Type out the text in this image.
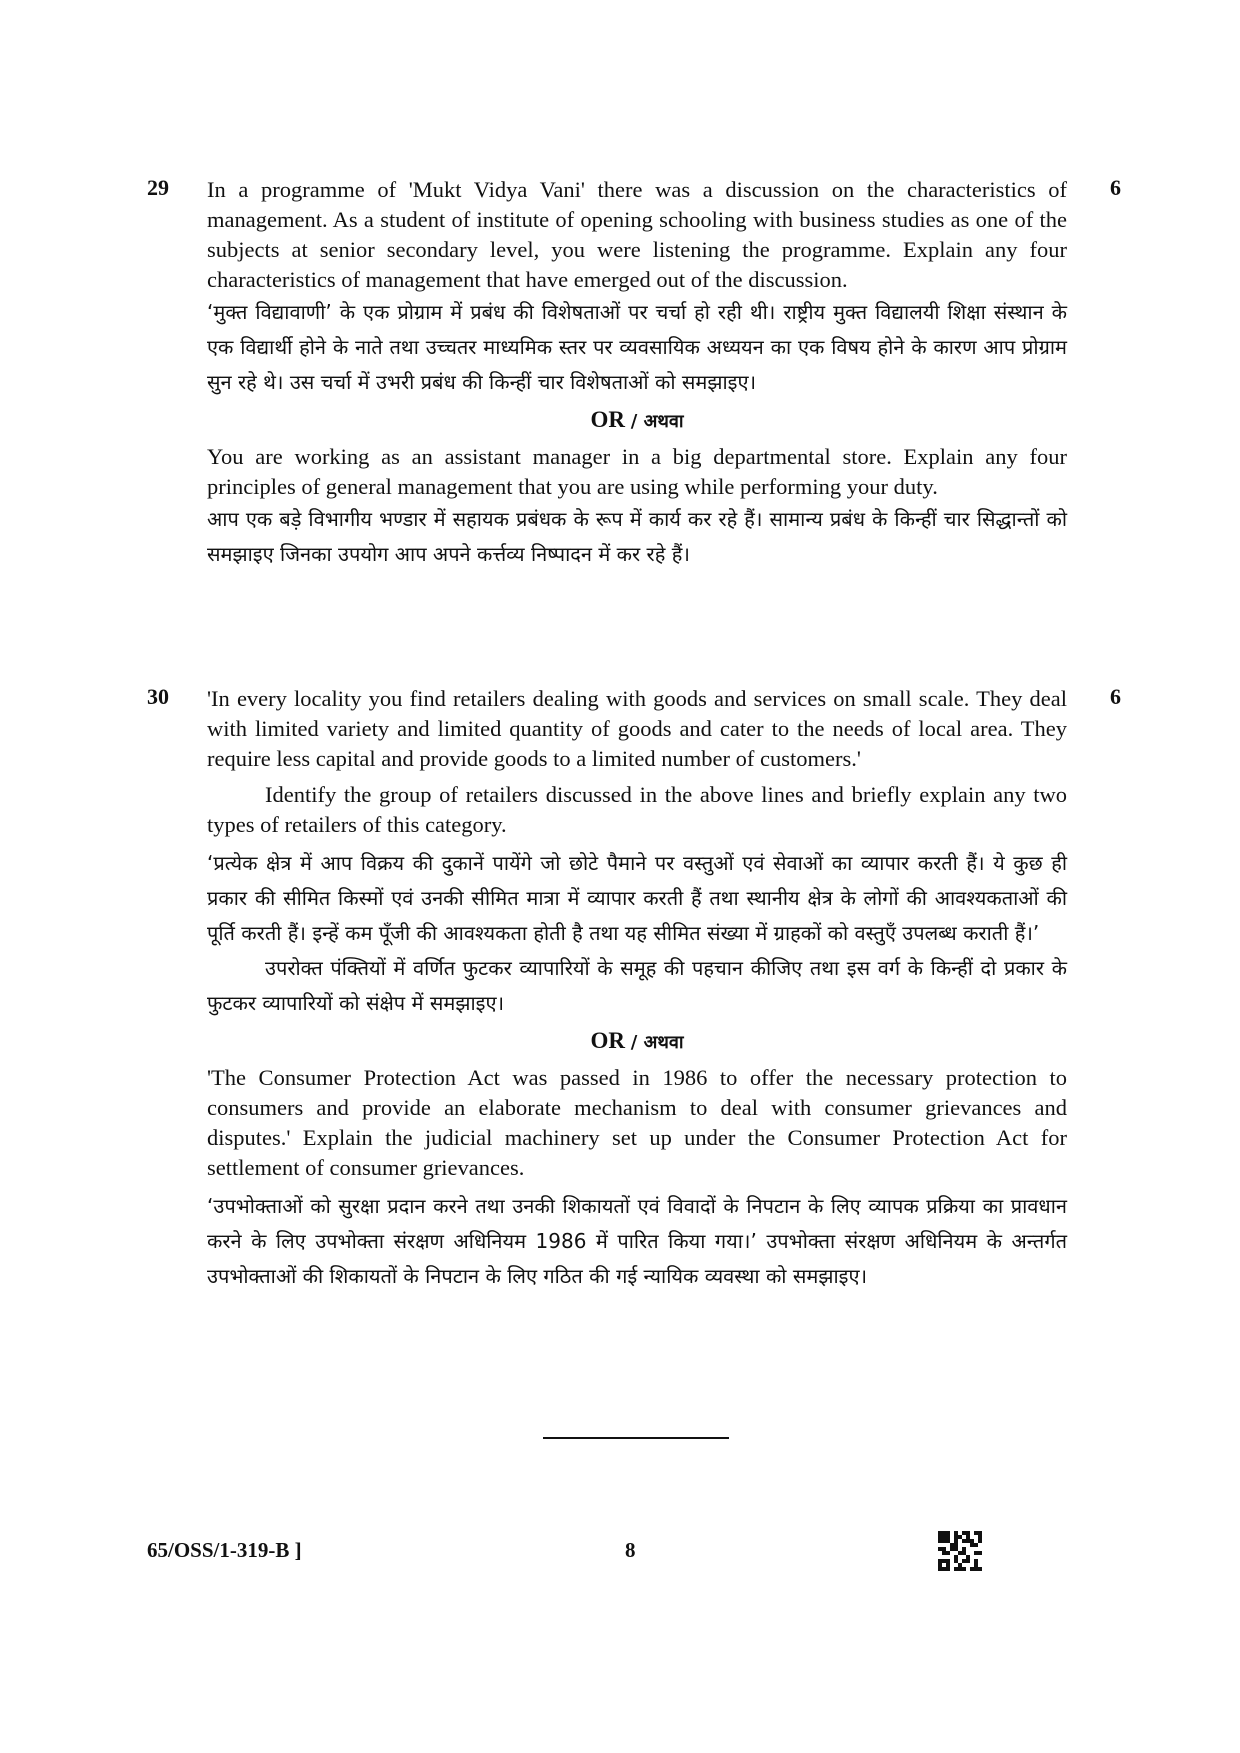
29	6

In a programme of 'Mukt Vidya Vani' there was a discussion on the characteristics of management. As a student of institute of opening schooling with business studies as one of the subjects at senior secondary level, you were listening the programme. Explain any four characteristics of management that have emerged out of the discussion.

‘मुक्त विद्यावाणी’ के एक प्रोग्राम में प्रबंध की विशेषताओं पर चर्चा हो रही थी। राष्ट्रीय मुक्त विद्यालयी शिक्षा संस्थान के एक विद्यार्थी होने के नाते तथा उच्चतर माध्यमिक स्तर पर व्यवसायिक अध्ययन का एक विषय होने के कारण आप प्रोग्राम सुन रहे थे। उस चर्चा में उभरी प्रबंध की किन्हीं चार विशेषताओं को समझाइए।

OR / अथवा

You are working as an assistant manager in a big departmental store. Explain any four principles of general management that you are using while performing your duty.

आप एक बड़े विभागीय भण्डार में सहायक प्रबंधक के रूप में कार्य कर रहे हैं। सामान्य प्रबंध के किन्हीं चार सिद्धान्तों को समझाइए जिनका उपयोग आप अपने कर्त्तव्य निष्पादन में कर रहे हैं।

30	6

'In every locality you find retailers dealing with goods and services on small scale. They deal with limited variety and limited quantity of goods and cater to the needs of local area. They require less capital and provide goods to a limited number of customers.'

Identify the group of retailers discussed in the above lines and briefly explain any two types of retailers of this category.

‘प्रत्येक क्षेत्र में आप विक्रय की दुकानें पायेंगे जो छोटे पैमाने पर वस्तुओं एवं सेवाओं का व्यापार करती हैं। ये कुछ ही प्रकार की सीमित किस्मों एवं उनकी सीमित मात्रा में व्यापार करती हैं तथा स्थानीय क्षेत्र के लोगों की आवश्यकताओं की पूर्ति करती हैं। इन्हें कम पूँजी की आवश्यकता होती है तथा यह सीमित संख्या में ग्राहकों को वस्तुएँ उपलब्ध कराती हैं।’

उपरोक्त पंक्तियों में वर्णित फुटकर व्यापारियों के समूह की पहचान कीजिए तथा इस वर्ग के किन्हीं दो प्रकार के फुटकर व्यापारियों को संक्षेप में समझाइए।

OR / अथवा

'The Consumer Protection Act was passed in 1986 to offer the necessary protection to consumers and provide an elaborate mechanism to deal with consumer grievances and disputes.' Explain the judicial machinery set up under the Consumer Protection Act for settlement of consumer grievances.

‘उपभोक्ताओं को सुरक्षा प्रदान करने तथा उनकी शिकायतों एवं विवादों के निपटान के लिए व्यापक प्रक्रिया का प्रावधान करने के लिए उपभोक्ता संरक्षण अधिनियम 1986 में पारित किया गया।’ उपभोक्ता संरक्षण अधिनियम के अन्तर्गत उपभोक्ताओं की शिकायतों के निपटान के लिए गठित की गई न्यायिक व्यवस्था को समझाइए।

65/OSS/1-319-B ]	8
